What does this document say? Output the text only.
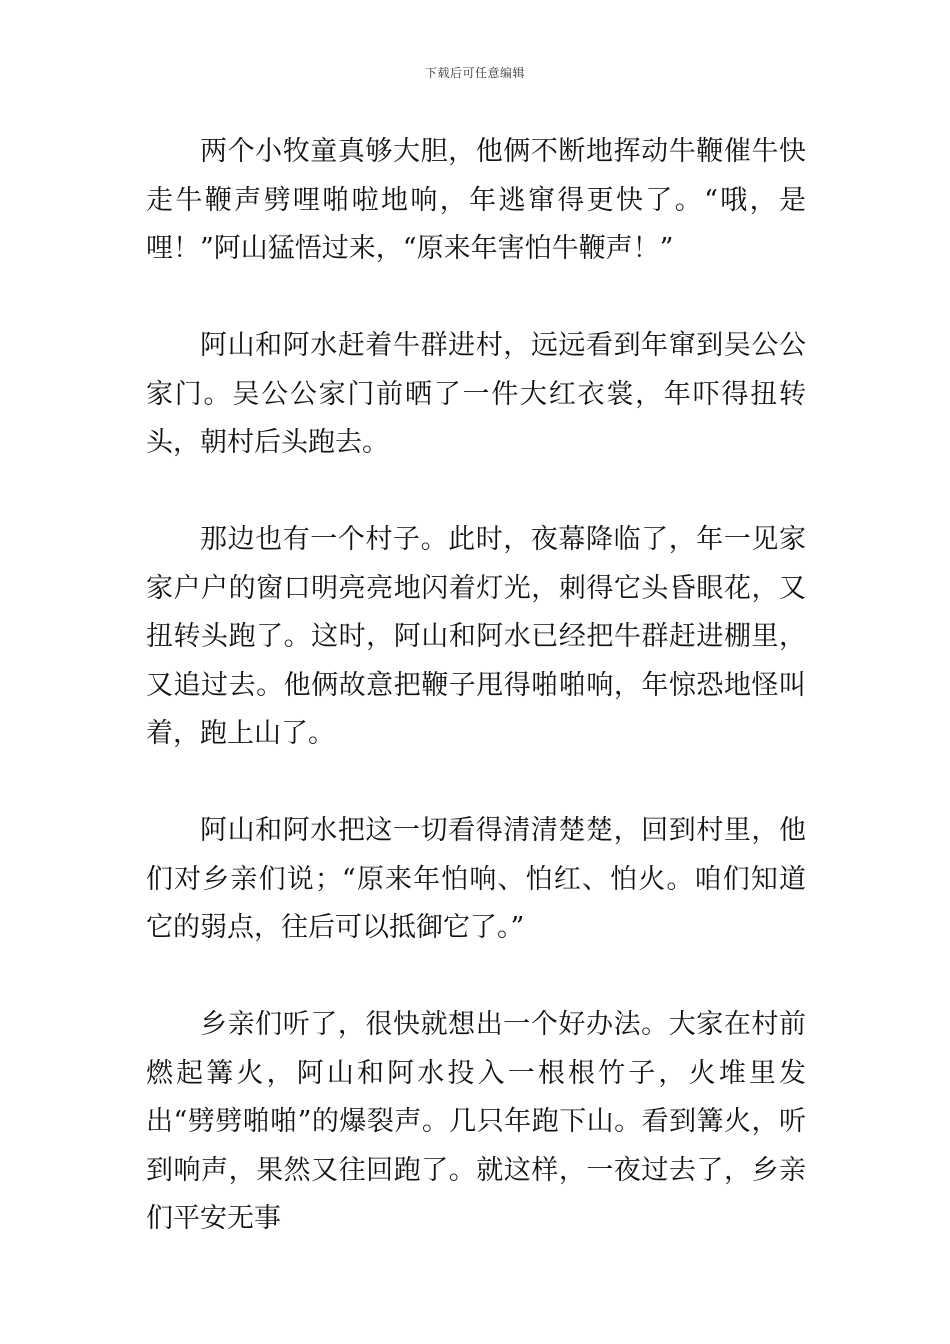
下载后可任意编辑

两个小牧童真够大胆，他俩不断地挥动牛鞭催牛快走牛鞭声劈哩啪啦地响，年逃窜得更快了。“哦，是哩！”阿山猛悟过来，“原来年害怕牛鞭声！”

阿山和阿水赶着牛群进村，远远看到年窜到吴公公家门。吴公公家门前晒了一件大红衣裳，年吓得扭转头，朝村后头跑去。

那边也有一个村子。此时，夜幕降临了，年一见家家户户的窗口明亮亮地闪着灯光，刺得它头昏眼花，又扭转头跑了。这时，阿山和阿水已经把牛群赶进棚里，又追过去。他俩故意把鞭子甩得啪啪响，年惊恐地怪叫着，跑上山了。

阿山和阿水把这一切看得清清楚楚，回到村里，他们对乡亲们说；“原来年怕响、怕红、怕火。咱们知道它的弱点，往后可以抵御它了。”

乡亲们听了，很快就想出一个好办法。大家在村前燃起篝火，阿山和阿水投入一根根竹子，火堆里发出“劈劈啪啪”的爆裂声。几只年跑下山。看到篝火，听到响声，果然又往回跑了。就这样，一夜过去了，乡亲们平安无事
